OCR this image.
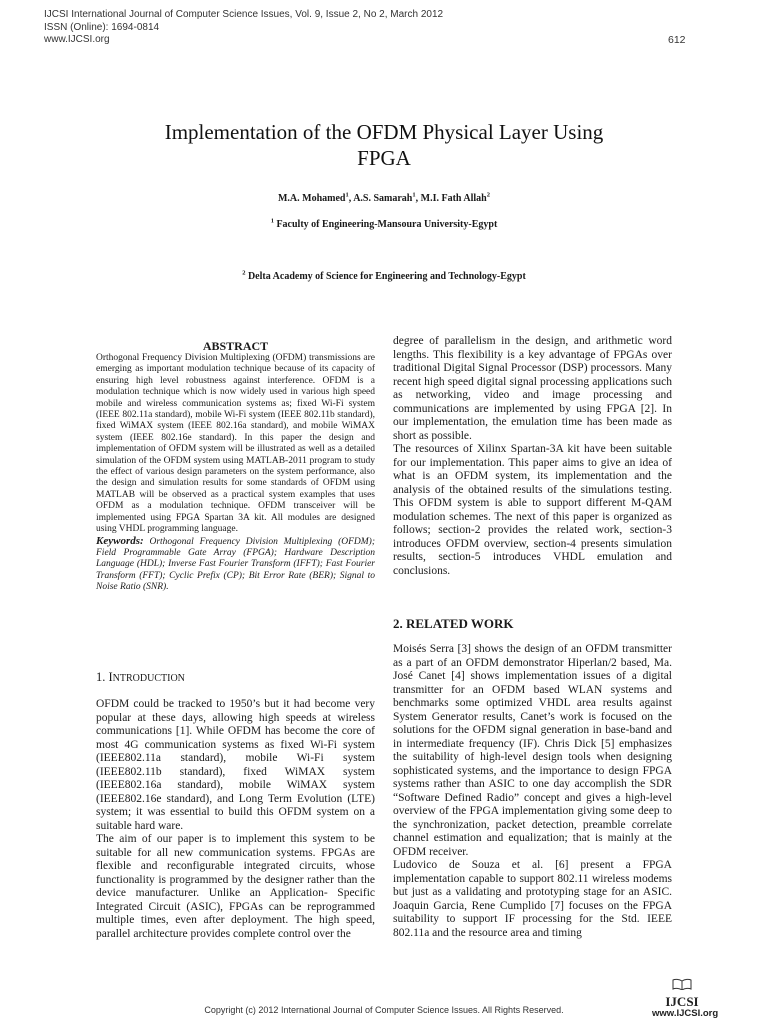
IJCSI International Journal of Computer Science Issues, Vol. 9, Issue 2, No 2, March 2012
ISSN (Online): 1694-0814
www.IJCSI.org	612
Implementation of the OFDM Physical Layer Using
FPGA
M.A. Mohamed$^1$, A.S. Samarah$^1$, M.I. Fath Allah$^2$
$^1$ Faculty of Engineering-Mansoura University-Egypt
$^2$ Delta Academy of Science for Engineering and Technology-Egypt

ABSTRACT

Orthogonal Frequency Division Multiplexing (OFDM) transmissions are emerging as important modulation technique because of its capacity of ensuring high level robustness against interference. OFDM is a modulation technique which is now widely used in various high speed mobile and wireless communication systems as; fixed Wi-Fi system (IEEE 802.11a standard), mobile Wi-Fi system (IEEE 802.11b standard), fixed WiMAX system (IEEE 802.16a standard), and mobile WiMAX system (IEEE 802.16e standard). In this paper the design and implementation of OFDM system will be illustrated as well as a detailed simulation of the OFDM system using MATLAB-2011 program to study the effect of various design parameters on the system performance, also the design and simulation results for some standards of OFDM using MATLAB will be observed as a practical system examples that uses OFDM as a modulation technique. OFDM transceiver will be implemented using FPGA Spartan 3A kit. All modules are designed using VHDL programming language.

Keywords: Orthogonal Frequency Division Multiplexing (OFDM); Field Programmable Gate Array (FPGA); Hardware Description Language (HDL); Inverse Fast Fourier Transform (IFFT); Fast Fourier Transform (FFT); Cyclic Prefix (CP); Bit Error Rate (BER); Signal to Noise Ratio (SNR).

1. INTRODUCTION

OFDM could be tracked to 1950’s but it had become very popular at these days, allowing high speeds at wireless communications [1]. While OFDM has become the core of most 4G communication systems as fixed Wi-Fi system (IEEE802.11a standard), mobile Wi-Fi system (IEEE802.11b standard), fixed WiMAX system (IEEE802.16a standard), mobile WiMAX system (IEEE802.16e standard), and Long Term Evolution (LTE) system; it was essential to build this OFDM system on a suitable hard ware.

The aim of our paper is to implement this system to be suitable for all new communication systems. FPGAs are flexible and reconfigurable integrated circuits, whose functionality is programmed by the designer rather than the device manufacturer. Unlike an Application- Specific Integrated Circuit (ASIC), FPGAs can be reprogrammed multiple times, even after deployment. The high speed, parallel architecture provides complete control over the

degree of parallelism in the design, and arithmetic word lengths. This flexibility is a key advantage of FPGAs over traditional Digital Signal Processor (DSP) processors. Many recent high speed digital signal processing applications such as networking, video and image processing and communications are implemented by using FPGA [2]. In our implementation, the emulation time has been made as short as possible.

The resources of Xilinx Spartan-3A kit have been suitable for our implementation. This paper aims to give an idea of what is an OFDM system, its implementation and the analysis of the obtained results of the simulations testing. This OFDM system is able to support different M-QAM modulation schemes. The next of this paper is organized as follows; section-2 provides the related work, section-3 introduces OFDM overview, section-4 presents simulation results, section-5 introduces VHDL emulation and conclusions.

2. RELATED WORK

Moisés Serra [3] shows the design of an OFDM transmitter as a part of an OFDM demonstrator Hiperlan/2 based, Ma. José Canet [4] shows implementation issues of a digital transmitter for an OFDM based WLAN systems and benchmarks some optimized VHDL area results against System Generator results, Canet’s work is focused on the solutions for the OFDM signal generation in base-band and in intermediate frequency (IF). Chris Dick [5] emphasizes the suitability of high-level design tools when designing sophisticated systems, and the importance to design FPGA systems rather than ASIC to one day accomplish the SDR “Software Defined Radio” concept and gives a high-level overview of the FPGA implementation giving some deep to the synchronization, packet detection, preamble correlate channel estimation and equalization; that is mainly at the OFDM receiver.

Ludovico de Souza et al. [6] present a FPGA implementation capable to support 802.11 wireless modems but just as a validating and prototyping stage for an ASIC. Joaquin Garcia, Rene Cumplido [7] focuses on the FPGA suitability to support IF processing for the Std. IEEE 802.11a and the resource area and timing

Copyright (c) 2012 International Journal of Computer Science Issues. All Rights Reserved.
IJCSI
www.IJCSI.org
